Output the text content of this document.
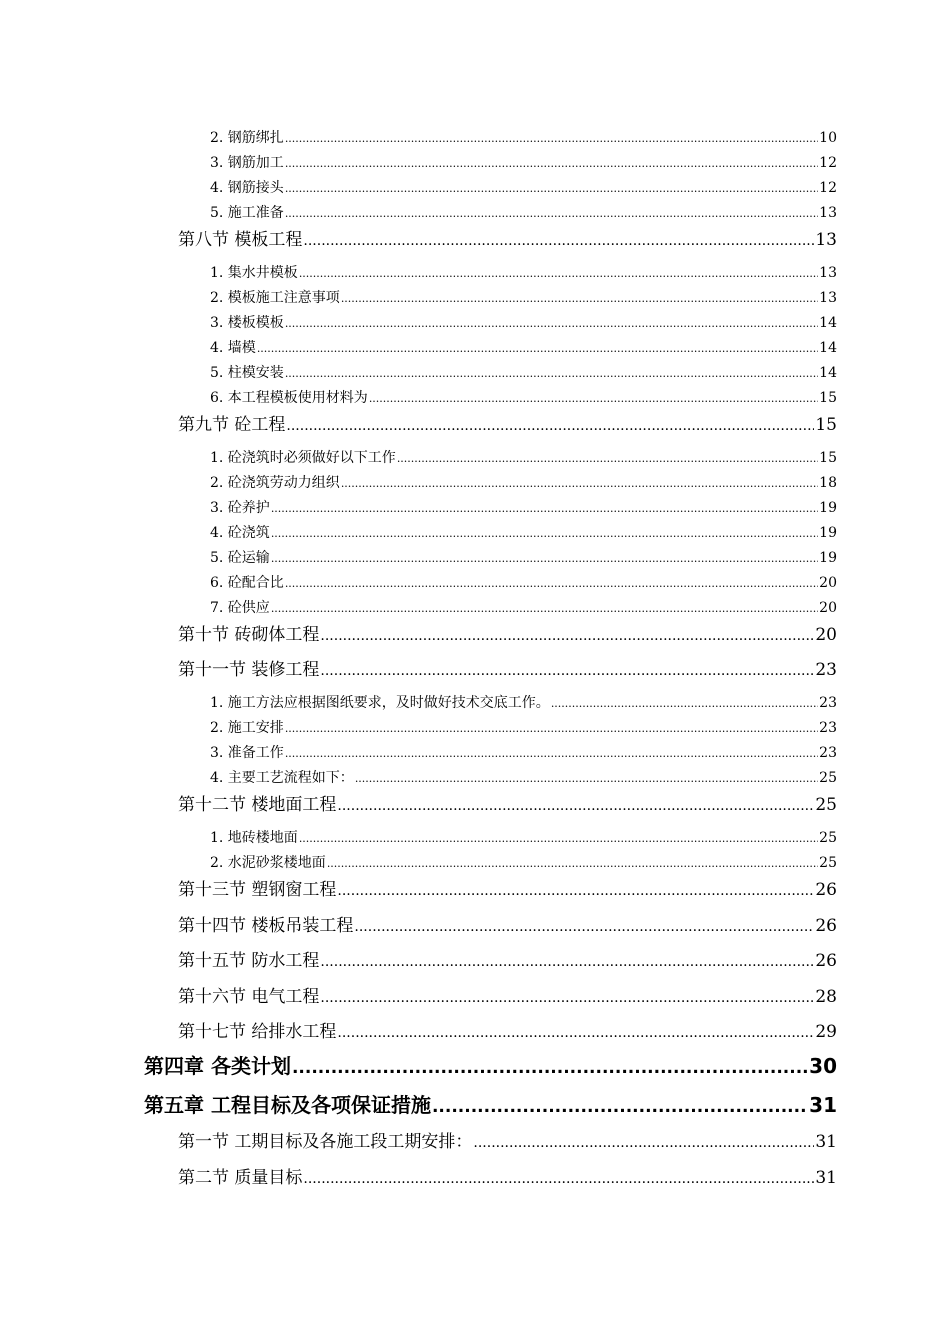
2. 钢筋绑扎 .....	10
3. 钢筋加工 .....	12
4. 钢筋接头 .....	12
5. 施工准备 .....	13
第八节 模板工程 .....	13
1. 集水井模板 .....	13
2. 模板施工注意事项 .....	13
3. 楼板模板 .....	14
4. 墙模 .....	14
5. 柱模安装 .....	14
6. 本工程模板使用材料为 .....	15
第九节 砼工程 .....	15
1. 砼浇筑时必须做好以下工作 .....	15
2. 砼浇筑劳动力组织 .....	18
3. 砼养护 .....	19
4. 砼浇筑 .....	19
5. 砼运输 .....	19
6. 砼配合比 .....	20
7. 砼供应 .....	20
第十节 砖砌体工程 .....	20
第十一节 装修工程 .....	23
1. 施工方法应根据图纸要求，及时做好技术交底工作。 .....	23
2. 施工安排 .....	23
3. 准备工作 .....	23
4. 主要工艺流程如下： .....	25
第十二节 楼地面工程 .....	25
1. 地砖楼地面 .....	25
2. 水泥砂浆楼地面 .....	25
第十三节 塑钢窗工程 .....	26
第十四节 楼板吊装工程 .....	26
第十五节 防水工程 .....	26
第十六节 电气工程 .....	28
第十七节 给排水工程 .....	29
第四章 各类计划 .....	30
第五章 工程目标及各项保证措施 .....	31
第一节 工期目标及各施工段工期安排： .....	31
第二节 质量目标 .....	31
